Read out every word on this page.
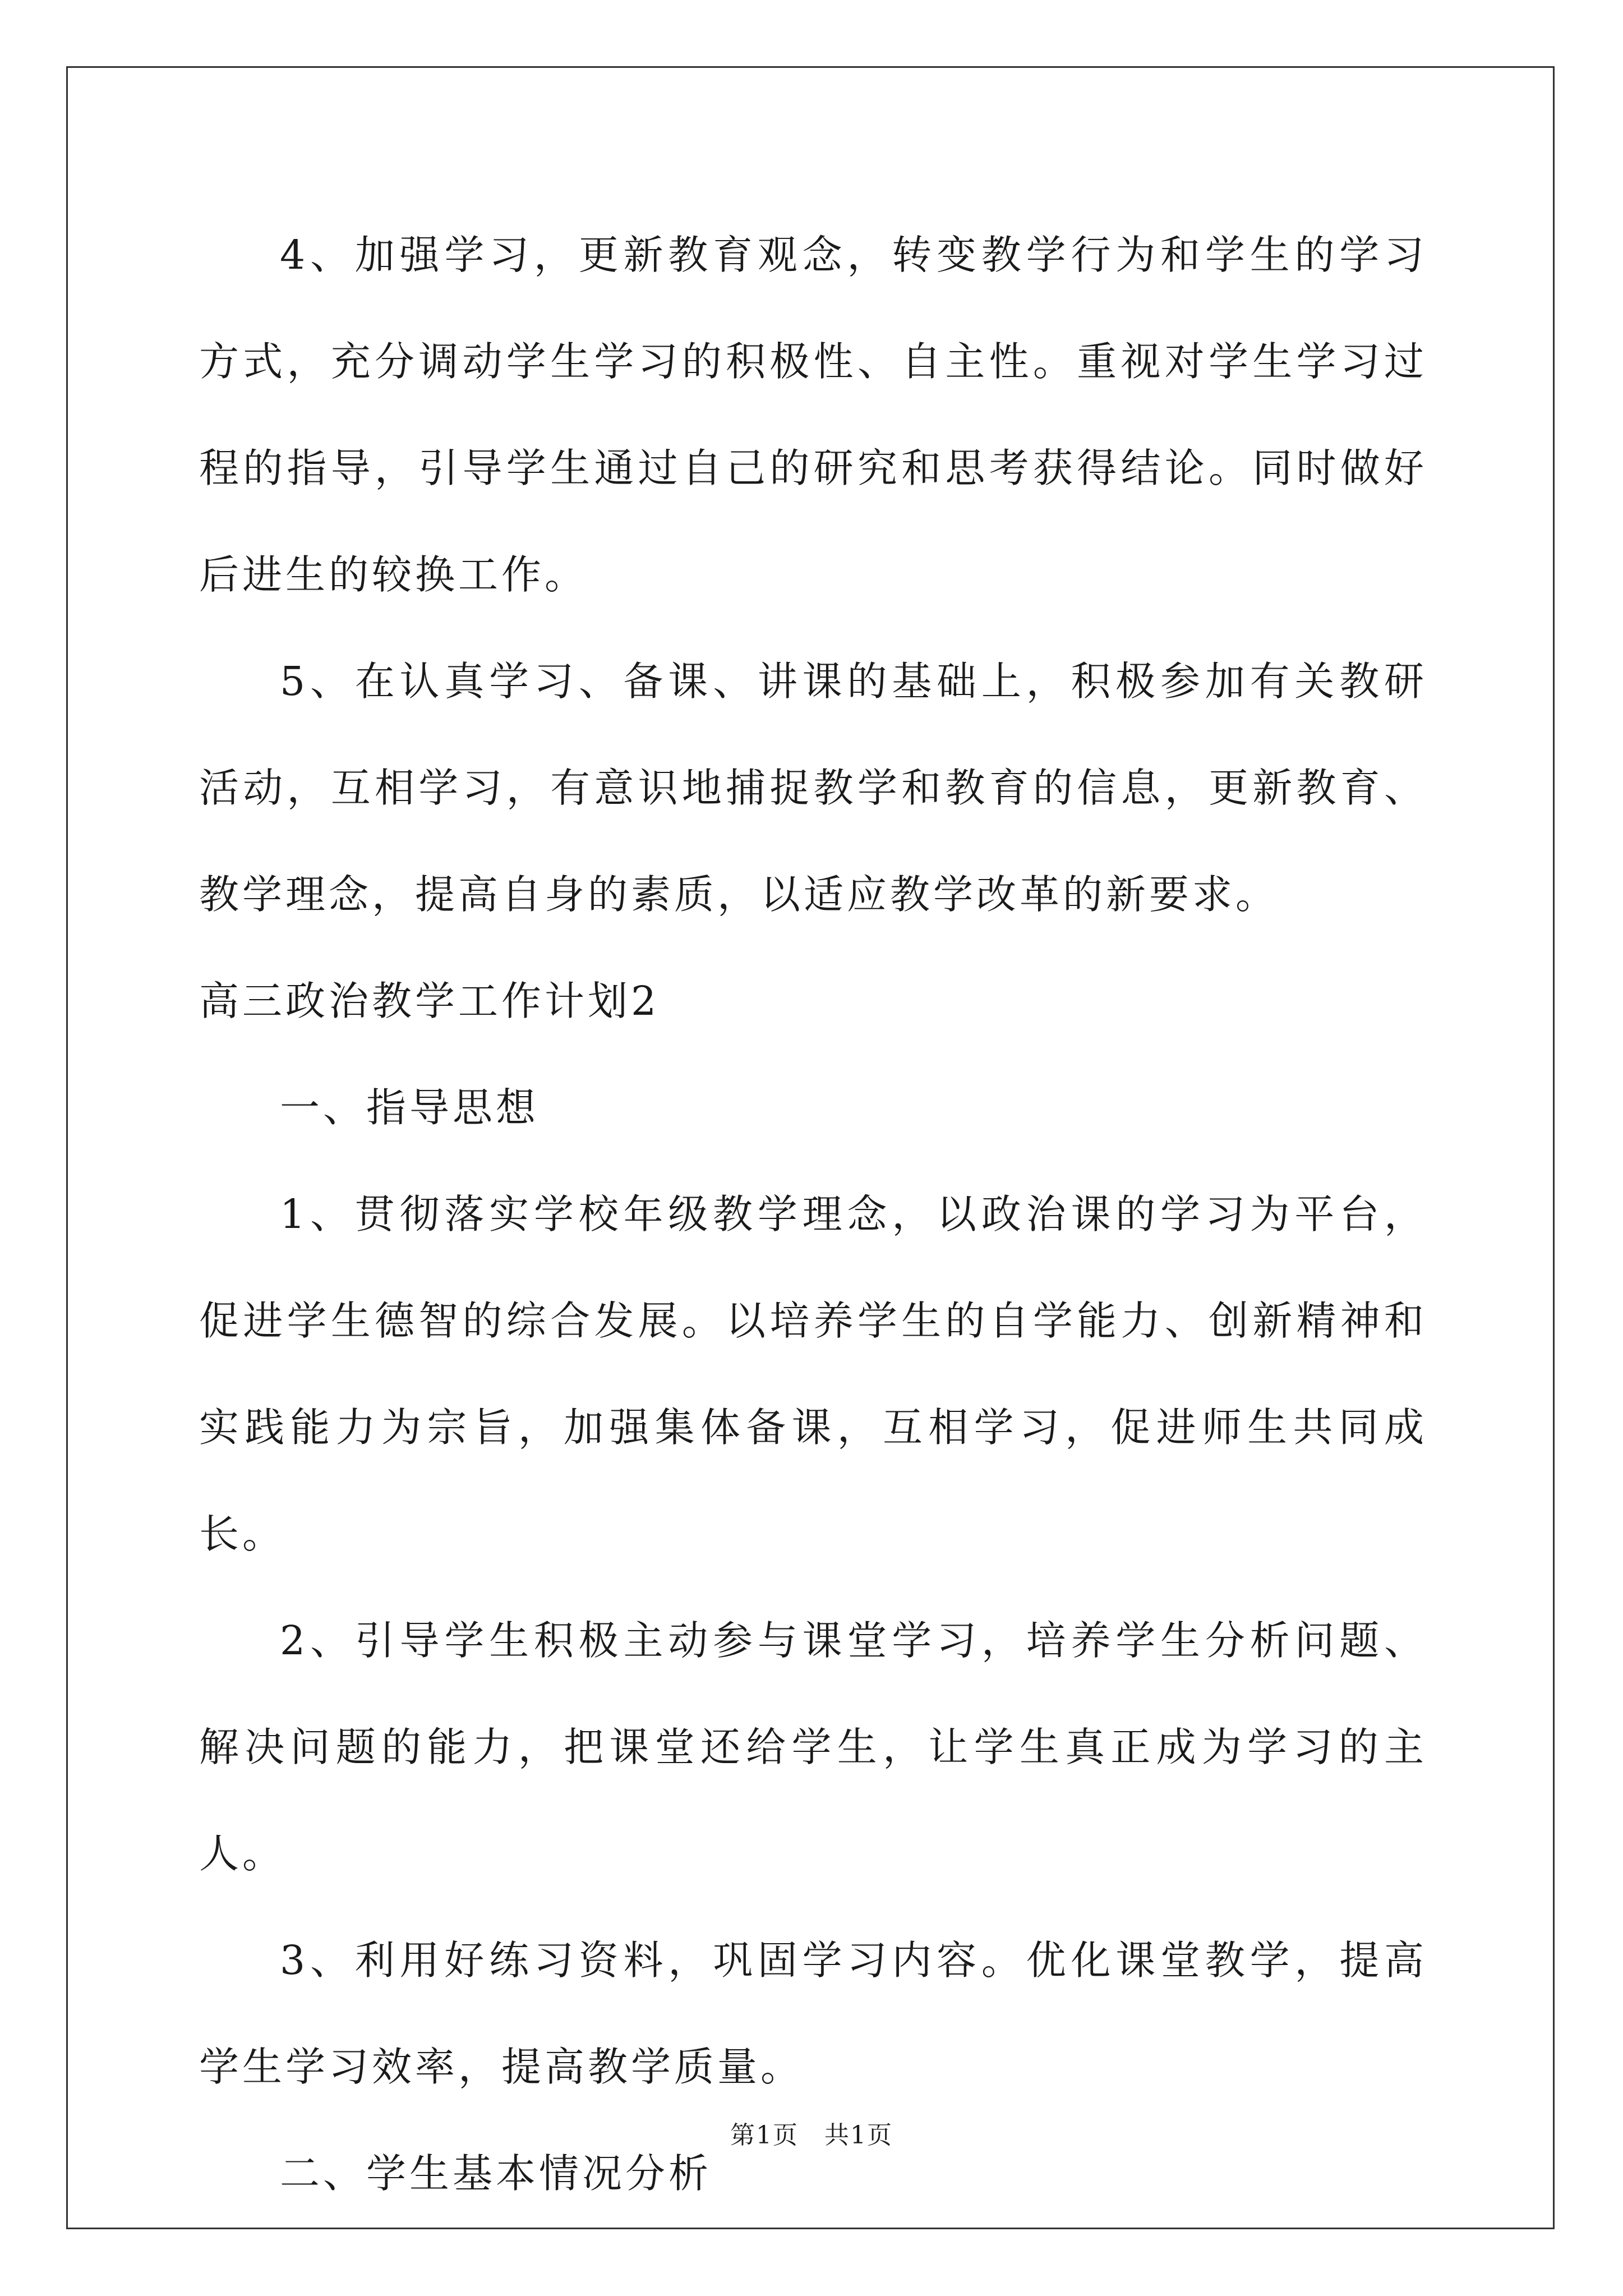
4、加强学习，更新教育观念，转变教学行为和学生的学习方式，充分调动学生学习的积极性、自主性。重视对学生学习过程的指导，引导学生通过自己的研究和思考获得结论。同时做好后进生的较换工作。

5、在认真学习、备课、讲课的基础上，积极参加有关教研活动，互相学习，有意识地捕捉教学和教育的信息，更新教育、教学理念，提高自身的素质，以适应教学改革的新要求。

高三政治教学工作计划2

一、指导思想

1、贯彻落实学校年级教学理念，以政治课的学习为平台，促进学生德智的综合发展。以培养学生的自学能力、创新精神和实践能力为宗旨，加强集体备课，互相学习，促进师生共同成长。

2、引导学生积极主动参与课堂学习，培养学生分析问题、解决问题的能力，把课堂还给学生，让学生真正成为学习的主人。

3、利用好练习资料，巩固学习内容。优化课堂教学，提高学生学习效率，提高教学质量。

二、学生基本情况分析

第1页　共1页
